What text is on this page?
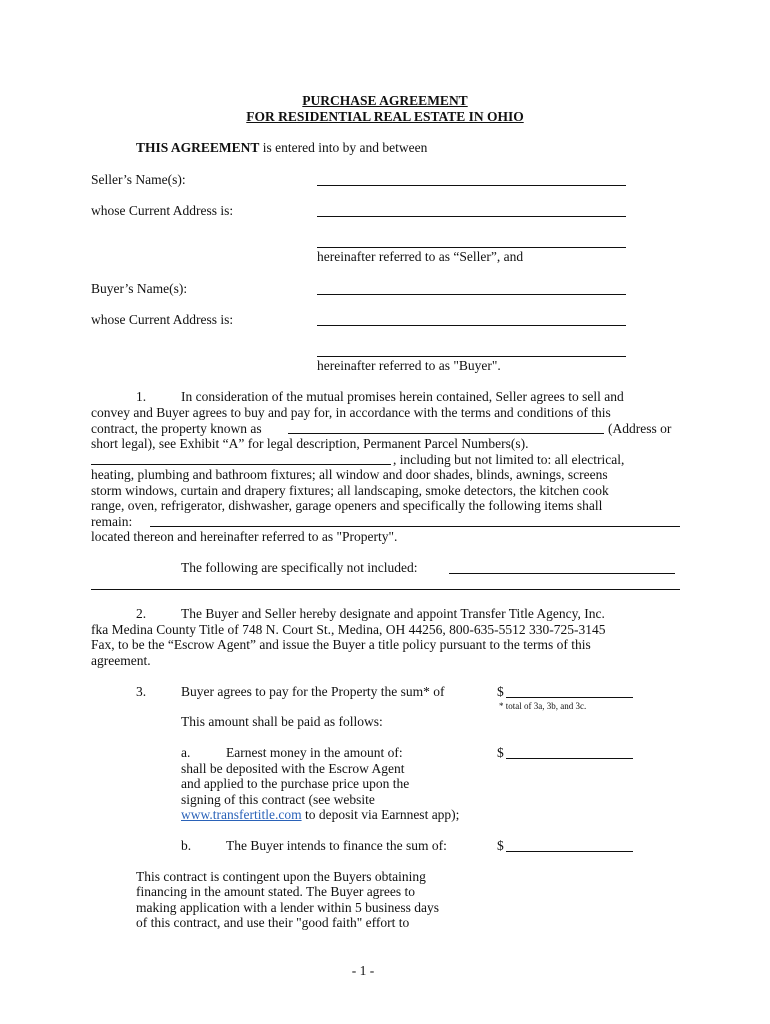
PURCHASE AGREEMENT
FOR RESIDENTIAL REAL ESTATE IN OHIO
THIS AGREEMENT is entered into by and between
Seller’s Name(s):
whose Current Address is:
hereinafter referred to as “Seller”, and
Buyer’s Name(s):
whose Current Address is:
hereinafter referred to as "Buyer".
1.	In consideration of the mutual promises herein contained, Seller agrees to sell and
convey and Buyer agrees to buy and pay for, in accordance with the terms and conditions of this
contract, the property known as	(Address or
short legal), see Exhibit “A” for legal description, Permanent Parcel Numbers(s).
, including but not limited to: all electrical,
heating, plumbing and bathroom fixtures; all window and door shades, blinds, awnings, screens
storm windows, curtain and drapery fixtures; all landscaping, smoke detectors, the kitchen cook
range, oven, refrigerator, dishwasher, garage openers and specifically the following items shall
remain:
located thereon and hereinafter referred to as "Property".
The following are specifically not included:
2.	The Buyer and Seller hereby designate and appoint Transfer Title Agency, Inc.
fka Medina County Title of 748 N. Court St., Medina, OH 44256, 800-635-5512 330-725-3145
Fax, to be the “Escrow Agent” and issue the Buyer a title policy pursuant to the terms of this
agreement.
3.	Buyer agrees to pay for the Property the sum* of	$
* total of 3a, 3b, and 3c.
This amount shall be paid as follows:
a.	Earnest money in the amount of:	$
shall be deposited with the Escrow Agent
and applied to the purchase price upon the
signing of this contract (see website
www.transfertitle.com to deposit via Earnnest app);
b.	The Buyer intends to finance the sum of:	$
This contract is contingent upon the Buyers obtaining
financing in the amount stated. The Buyer agrees to
making application with a lender within 5 business days
of this contract, and use their "good faith" effort to
- 1 -
